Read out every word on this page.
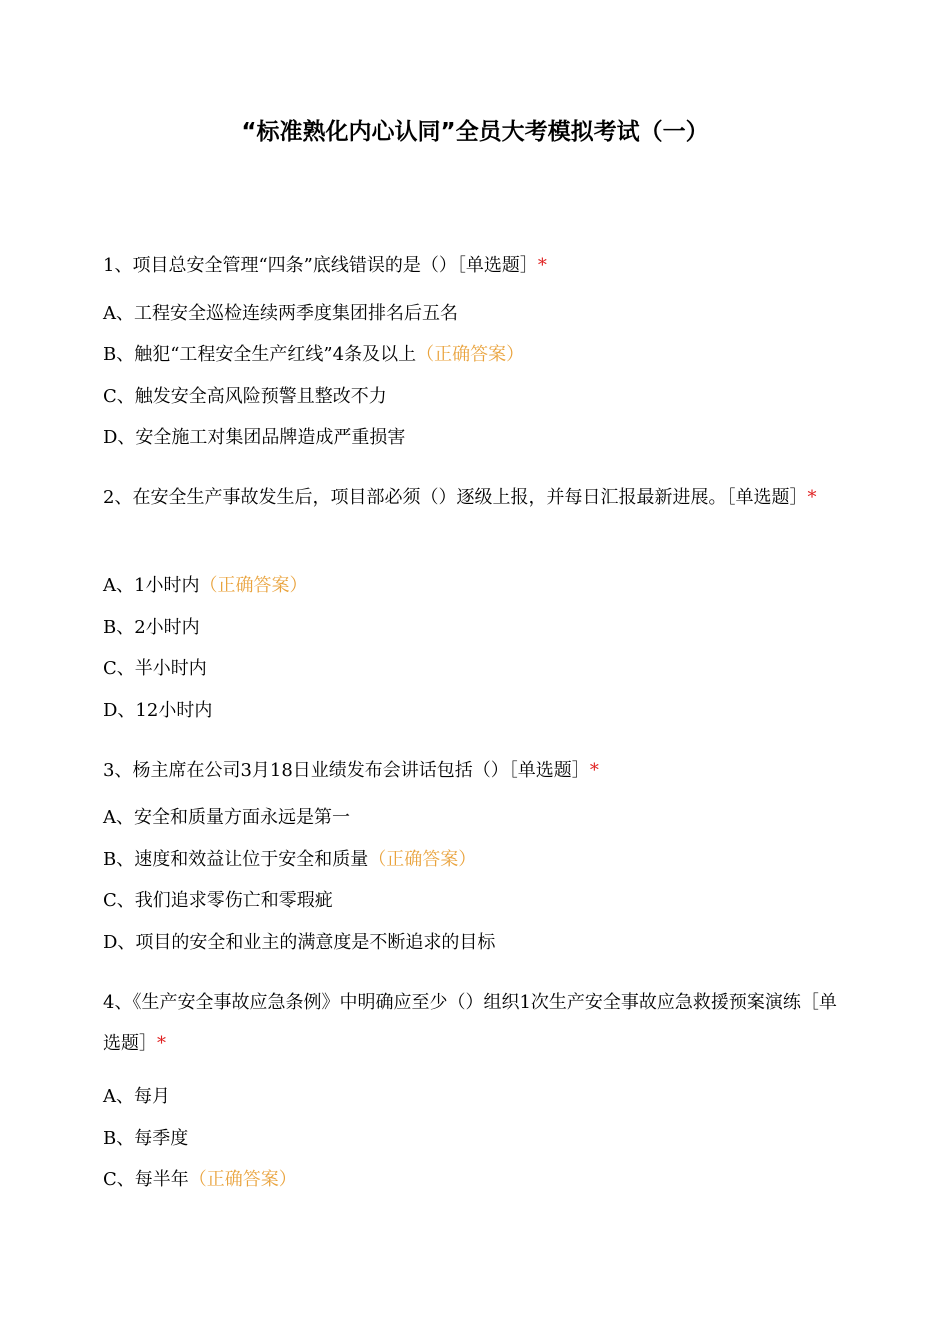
“标准熟化内心认同”全员大考模拟考试（一）

1、项目总安全管理“四条”底线错误的是（）［单选题］*

A、工程安全巡检连续两季度集团排名后五名

B、触犯“工程安全生产红线”4条及以上（正确答案）

C、触发安全高风险预警且整改不力

D、安全施工对集团品牌造成严重损害

2、在安全生产事故发生后，项目部必须（）逐级上报，并每日汇报最新进展。［单选题］*

A、1小时内（正确答案）

B、2小时内

C、半小时内

D、12小时内

3、杨主席在公司3月18日业绩发布会讲话包括（）［单选题］*

A、安全和质量方面永远是第一

B、速度和效益让位于安全和质量（正确答案）

C、我们追求零伤亡和零瑕疵

D、项目的安全和业主的满意度是不断追求的目标

4、《生产安全事故应急条例》中明确应至少（）组织1次生产安全事故应急救援预案演练［单选题］*

A、每月

B、每季度

C、每半年（正确答案）
